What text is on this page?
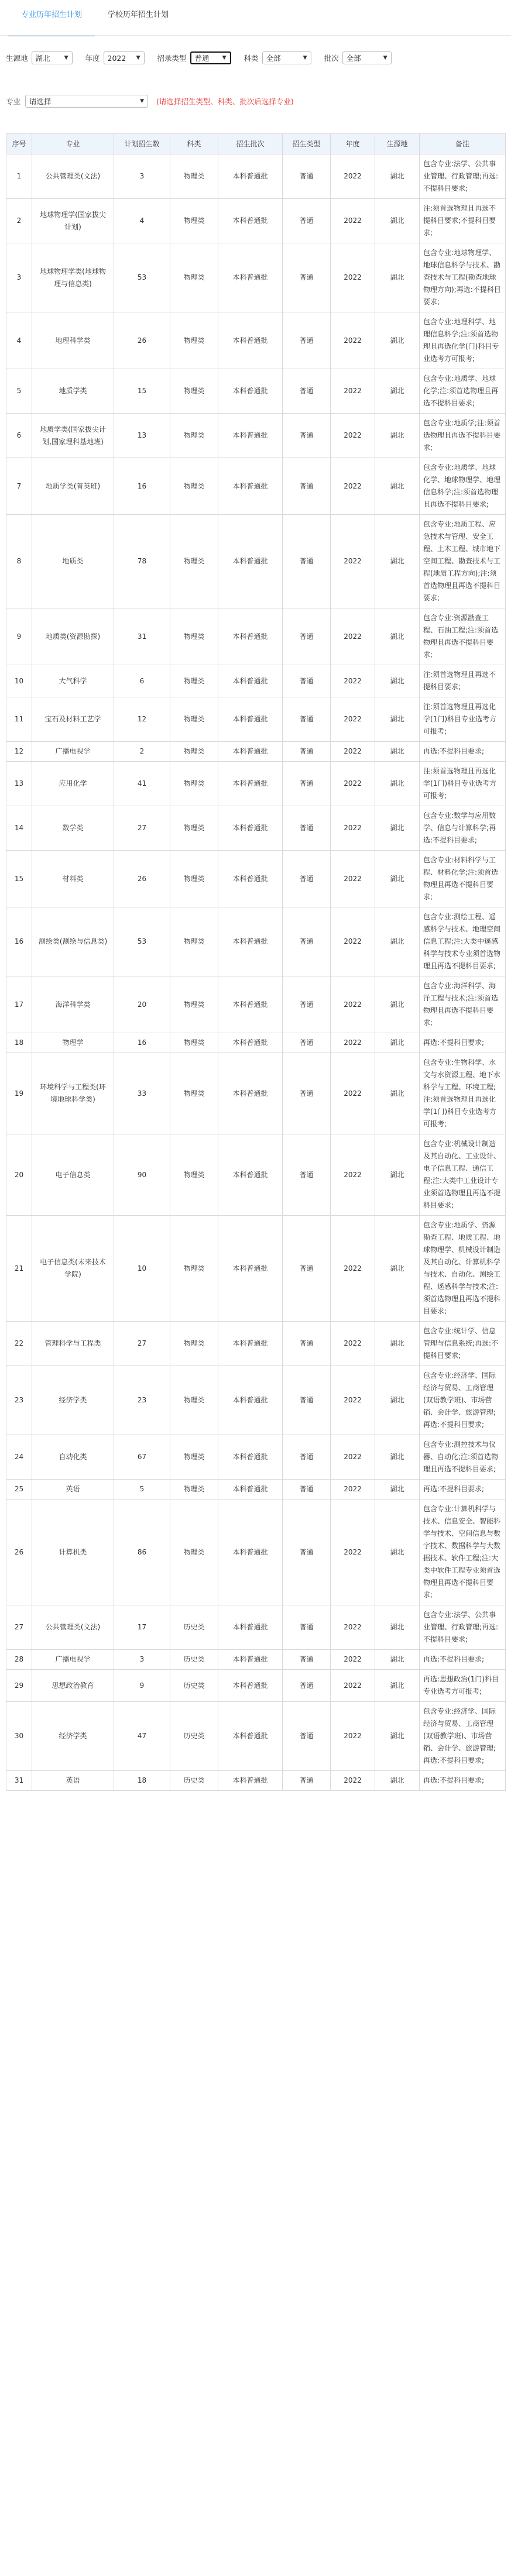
专业历年招生计划	学校历年招生计划
生源地 湖北	▼ 年度 2022 ▼ 招录类型 普通 ▼ 科类 全部	▼ 批次 全部	▼
专业 请选择	▼ (请选择招生类型、科类、批次后选择专业)
序号	专业	计划招生数	科类	招生批次	招生类型	年度	生源地	备注
1	公共管理类(文法)	3	物理类	本科普通批	普通	2022	湖北	包含专业:法学、公共事业管理、行政管理;再选:不提科目要求;
2	地球物理学(国家拔尖计划)	4	物理类	本科普通批	普通	2022	湖北	注:须首选物理且再选不提科目要求;不提科目要求;
3	地球物理学类(地球物理与信息类)	53	物理类	本科普通批	普通	2022	湖北	包含专业:地球物理学、地球信息科学与技术、勘查技术与工程(勘查地球物理方向);再选:不提科目要求;
4	地理科学类	26	物理类	本科普通批	普通	2022	湖北	包含专业:地理科学、地理信息科学;注:须首选物理且再选化学(门)科目专业选考方可报考;
5	地质学类	15	物理类	本科普通批	普通	2022	湖北	包含专业:地质学、地球化学;注:须首选物理且再选不提科目要求;
6	地质学类(国家拔尖计划,国家理科基地班)	13	物理类	本科普通批	普通	2022	湖北	包含专业:地质学;注:须首选物理且再选不提科目要求;
7	地质学类(菁英班)	16	物理类	本科普通批	普通	2022	湖北	包含专业:地质学、地球化学、地球物理学、地理信息科学;注:须首选物理且再选不提科目要求;
8	地质类	78	物理类	本科普通批	普通	2022	湖北	包含专业:地质工程、应急技术与管理、安全工程、土木工程、城市地下空间工程、勘查技术与工程(地质工程方向);注:须首选物理且再选不提科目要求;
9	地质类(资源勘探)	31	物理类	本科普通批	普通	2022	湖北	包含专业:资源勘查工程、石油工程;注:须首选物理且再选不提科目要求;
10	大气科学	6	物理类	本科普通批	普通	2022	湖北	注:须首选物理且再选不提科目要求;
11	宝石及材料工艺学	12	物理类	本科普通批	普通	2022	湖北	注:须首选物理且再选化学(1门)科目专业选考方可报考;
12	广播电视学	2	物理类	本科普通批	普通	2022	湖北	再选:不提科目要求;
13	应用化学	41	物理类	本科普通批	普通	2022	湖北	注:须首选物理且再选化学(1门)科目专业选考方可报考;
14	数学类	27	物理类	本科普通批	普通	2022	湖北	包含专业:数学与应用数学、信息与计算科学;再选:不提科目要求;
15	材料类	26	物理类	本科普通批	普通	2022	湖北	包含专业:材料科学与工程、材料化学;注:须首选物理且再选不提科目要求;
16	测绘类(测绘与信息类)	53	物理类	本科普通批	普通	2022	湖北	包含专业:测绘工程、遥感科学与技术、地理空间信息工程;注:大类中遥感科学与技术专业须首选物理且再选不提科目要求;
17	海洋科学类	20	物理类	本科普通批	普通	2022	湖北	包含专业:海洋科学、海洋工程与技术;注:须首选物理且再选不提科目要求;
18	物理学	16	物理类	本科普通批	普通	2022	湖北	再选:不提科目要求;
19	环境科学与工程类(环境地球科学类)	33	物理类	本科普通批	普通	2022	湖北	包含专业:生物科学、水文与水资源工程、地下水科学与工程、环境工程;注:须首选物理且再选化学(1门)科目专业选考方可报考;
20	电子信息类	90	物理类	本科普通批	普通	2022	湖北	包含专业:机械设计制造及其自动化、工业设计、电子信息工程、通信工程;注:大类中工业设计专业须首选物理且再选不提科目要求;
21	电子信息类(未来技术学院)	10	物理类	本科普通批	普通	2022	湖北	包含专业:地质学、资源勘查工程、地质工程、地球物理学、机械设计制造及其自动化、计算机科学与技术、自动化、测绘工程、遥感科学与技术;注:须首选物理且再选不提科目要求;
22	管理科学与工程类	27	物理类	本科普通批	普通	2022	湖北	包含专业:统计学、信息管理与信息系统;再选:不提科目要求;
23	经济学类	23	物理类	本科普通批	普通	2022	湖北	包含专业:经济学、国际经济与贸易、工商管理(双语教学班)、市场营销、会计学、旅游管理;再选:不提科目要求;
24	自动化类	67	物理类	本科普通批	普通	2022	湖北	包含专业:测控技术与仪器、自动化;注:须首选物理且再选不提科目要求;
25	英语	5	物理类	本科普通批	普通	2022	湖北	再选:不提科目要求;
26	计算机类	86	物理类	本科普通批	普通	2022	湖北	包含专业:计算机科学与技术、信息安全、智能科学与技术、空间信息与数字技术、数据科学与大数据技术、软件工程;注:大类中软件工程专业须首选物理且再选不提科目要求;
27	公共管理类(文法)	17	历史类	本科普通批	普通	2022	湖北	包含专业:法学、公共事业管理、行政管理;再选:不提科目要求;
28	广播电视学	3	历史类	本科普通批	普通	2022	湖北	再选:不提科目要求;
29	思想政治教育	9	历史类	本科普通批	普通	2022	湖北	再选:思想政治(1门)科目专业选考方可报考;
30	经济学类	47	历史类	本科普通批	普通	2022	湖北	包含专业:经济学、国际经济与贸易、工商管理(双语教学班)、市场营销、会计学、旅游管理;再选:不提科目要求;
31	英语	18	历史类	本科普通批	普通	2022	湖北	再选:不提科目要求;
